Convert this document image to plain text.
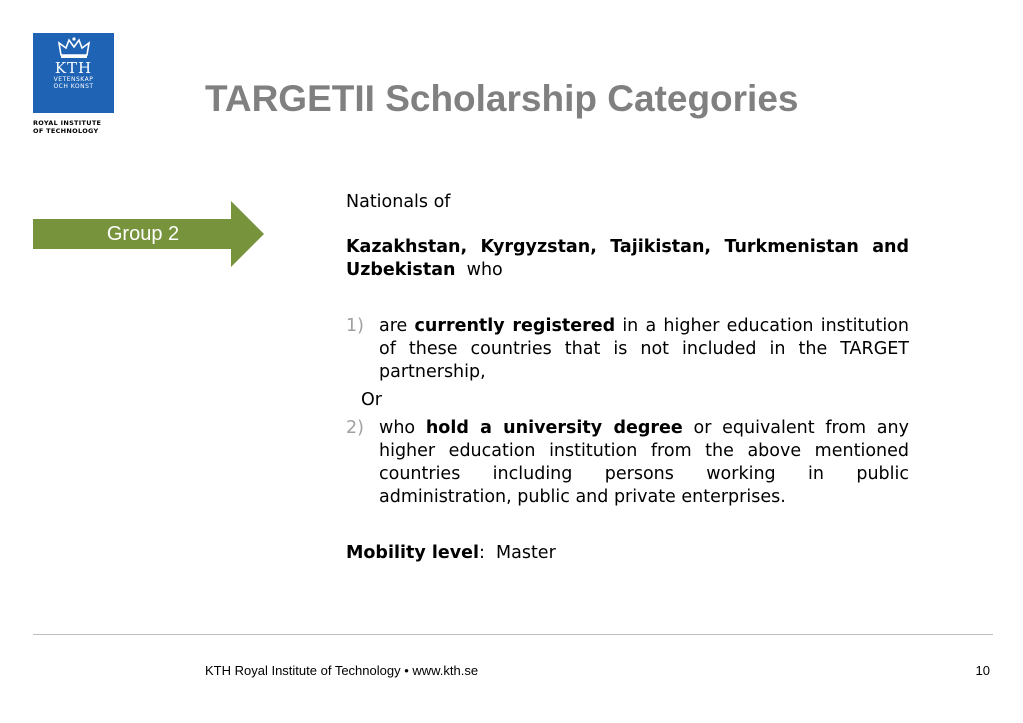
KTH
VETENSKAP
OCH KONST
ROYAL INSTITUTE
OF TECHNOLOGY
TARGETII Scholarship Categories
Group 2

Nationals of

Kazakhstan, Kyrgyzstan, Tajikistan, Turkmenistan and Uzbekistan who

1) are currently registered in a higher education institution of these countries that is not included in the TARGET partnership,
Or
2) who hold a university degree or equivalent from any higher education institution from the above mentioned countries including persons working in public administration, public and private enterprises.

Mobility level:  Master

KTH Royal Institute of Technology • www.kth.se	10
